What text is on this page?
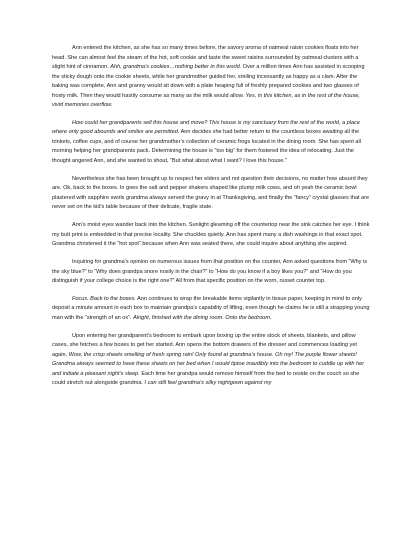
Ann entered the kitchen, as she has so many times before, the savory aroma of oatmeal raisin cookies floats into her head. She can almost feel the steam of the hot, soft cookie and taste the sweet raisins surrounded by oatmeal clusters with a slight hint of cinnamon. Ahh, grandma’s cookies…nothing better in this world. Over a million times Ann has assisted in scooping the sticky dough onto the cookie sheets, while her grandmother guided her, smiling incessantly as happy as a clam. After the baking was complete, Ann and granny would sit down with a plate heaping full of freshly prepared cookies and two glasses of frosty milk. Then they would hastily consume as many as the milk would allow. Yes, in this kitchen, as in the rest of the house, vivid memories overflow.

How could her grandparents sell this house and move? This house is my sanctuary from the rest of the world, a place where only good abounds and smiles are permitted. Ann decides she had better return to the countless boxes awaiting all the trinkets, coffee cups, and of course her grandmother’s collection of ceramic frogs located in the dining room. She has spent all morning helping her grandparents pack. Determining the house is “too big” for them fostered the idea of relocating. Just the thought angered Ann, and she wanted to shout, “But what about what I want? I love this house.”

Nevertheless she has been brought up to respect her elders and not question their decisions, no matter how absurd they are. Ok, back to the boxes. In goes the salt and pepper shakers shaped like plump milk cows, and oh yeah the ceramic bowl plastered with sapphire swirls grandma always served the gravy in at Thanksgiving, and finally the “fancy” crystal glasses that are never set on the kid’s table because of their delicate, fragile state.

Ann’s moist eyes wander back into the kitchen. Sunlight gleaming off the countertop near the sink catches her eye. I think my butt print is embedded in that precise locality. She chuckles quietly. Ann has spent many a dish washings in that exact spot. Grandma christened it the “hot spot” because when Ann was seated there, she could inquire about anything she aspired.

Inquiring for grandma’s opinion on numerous issues from that position on the counter, Ann asked questions from “Why is the sky blue?” to “Why does grandpa snore nosily in the chair?” to “How do you know if a boy likes you?” and “How do you distinguish if your college choice is the right one?” All from that specific position on the worn, russet counter top.

Focus. Back to the boxes. Ann continues to wrap the breakable items vigilantly in tissue paper, keeping in mind to only deposit a minute amount in each box to maintain grandpa’s capability of lifting, even though he claims he is still a strapping young man with the “strength of an ox”. Alright, finished with the dining room. Onto the bedroom.

Upon entering her grandparent’s bedroom to embark upon boxing up the entire stock of sheets, blankets, and pillow cases, she fetches a few boxes to get her started. Ann opens the bottom drawers of the dresser and commences loading yet again. Wow, the crisp sheets smelling of fresh spring rain! Only found at grandma’s house. Oh my! The purple flower sheets! Grandma always seemed to have these sheets on her bed when I would tiptoe inaudibly into the bedroom to cuddle up with her and initiate a pleasant night’s sleep. Each time her grandpa would remove himself from the bed to reside on the couch so she could stretch out alongside grandma. I can still feel grandma’s silky nightgown against my
